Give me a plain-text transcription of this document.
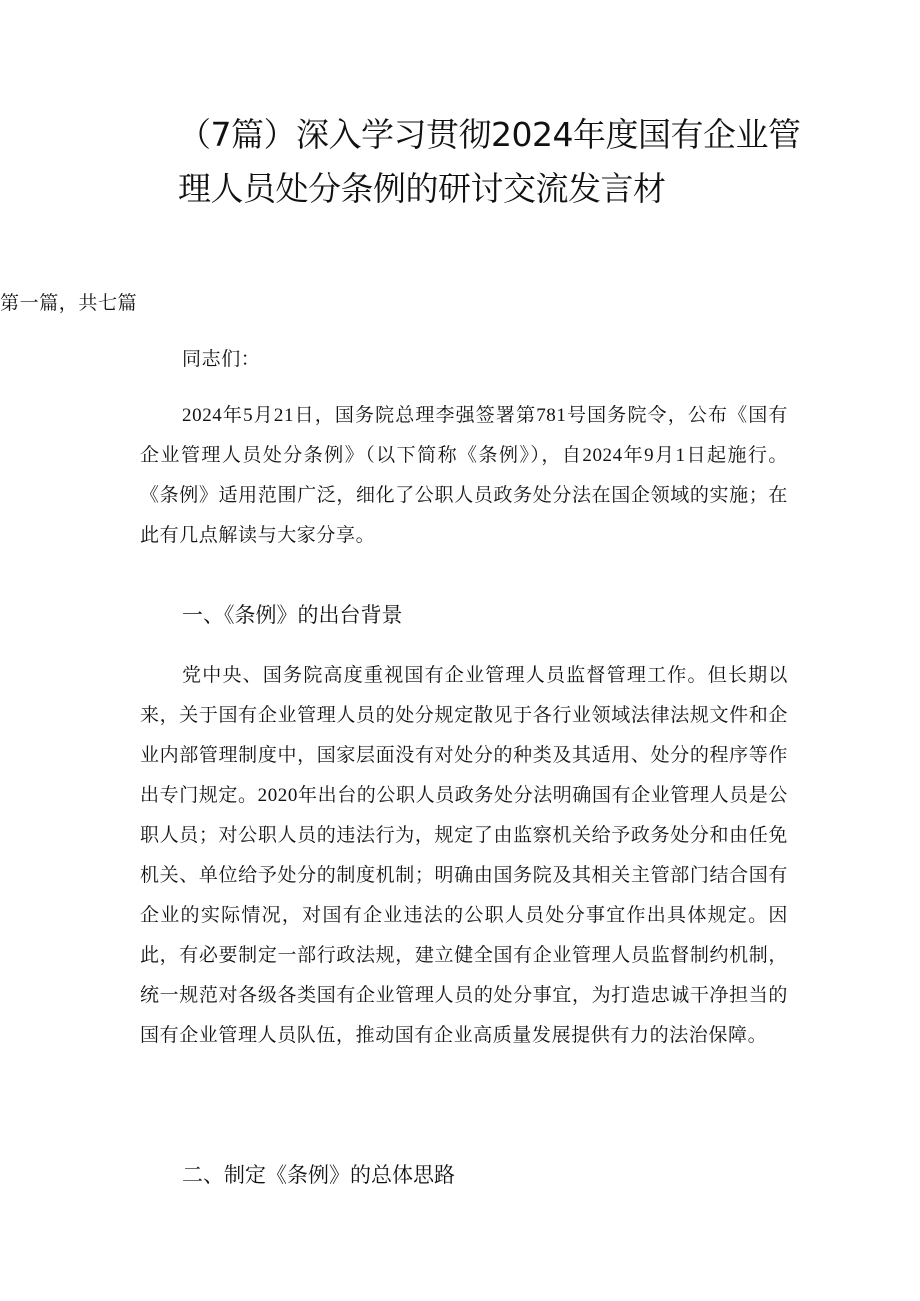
（7篇）深入学习贯彻2024年度国有企业管理人员处分条例的研讨交流发言材
第一篇，共七篇

同志们：

2024年5月21日，国务院总理李强签署第781号国务院令，公布《国有企业管理人员处分条例》（以下简称《条例》），自2024年9月1日起施行。《条例》适用范围广泛，细化了公职人员政务处分法在国企领域的实施；在此有几点解读与大家分享。

一、《条例》的出台背景

党中央、国务院高度重视国有企业管理人员监督管理工作。但长期以来，关于国有企业管理人员的处分规定散见于各行业领域法律法规文件和企业内部管理制度中，国家层面没有对处分的种类及其适用、处分的程序等作出专门规定。2020年出台的公职人员政务处分法明确国有企业管理人员是公职人员；对公职人员的违法行为，规定了由监察机关给予政务处分和由任免机关、单位给予处分的制度机制；明确由国务院及其相关主管部门结合国有企业的实际情况，对国有企业违法的公职人员处分事宜作出具体规定。因此，有必要制定一部行政法规，建立健全国有企业管理人员监督制约机制，统一规范对各级各类国有企业管理人员的处分事宜，为打造忠诚干净担当的国有企业管理人员队伍，推动国有企业高质量发展提供有力的法治保障。

二、制定《条例》的总体思路
